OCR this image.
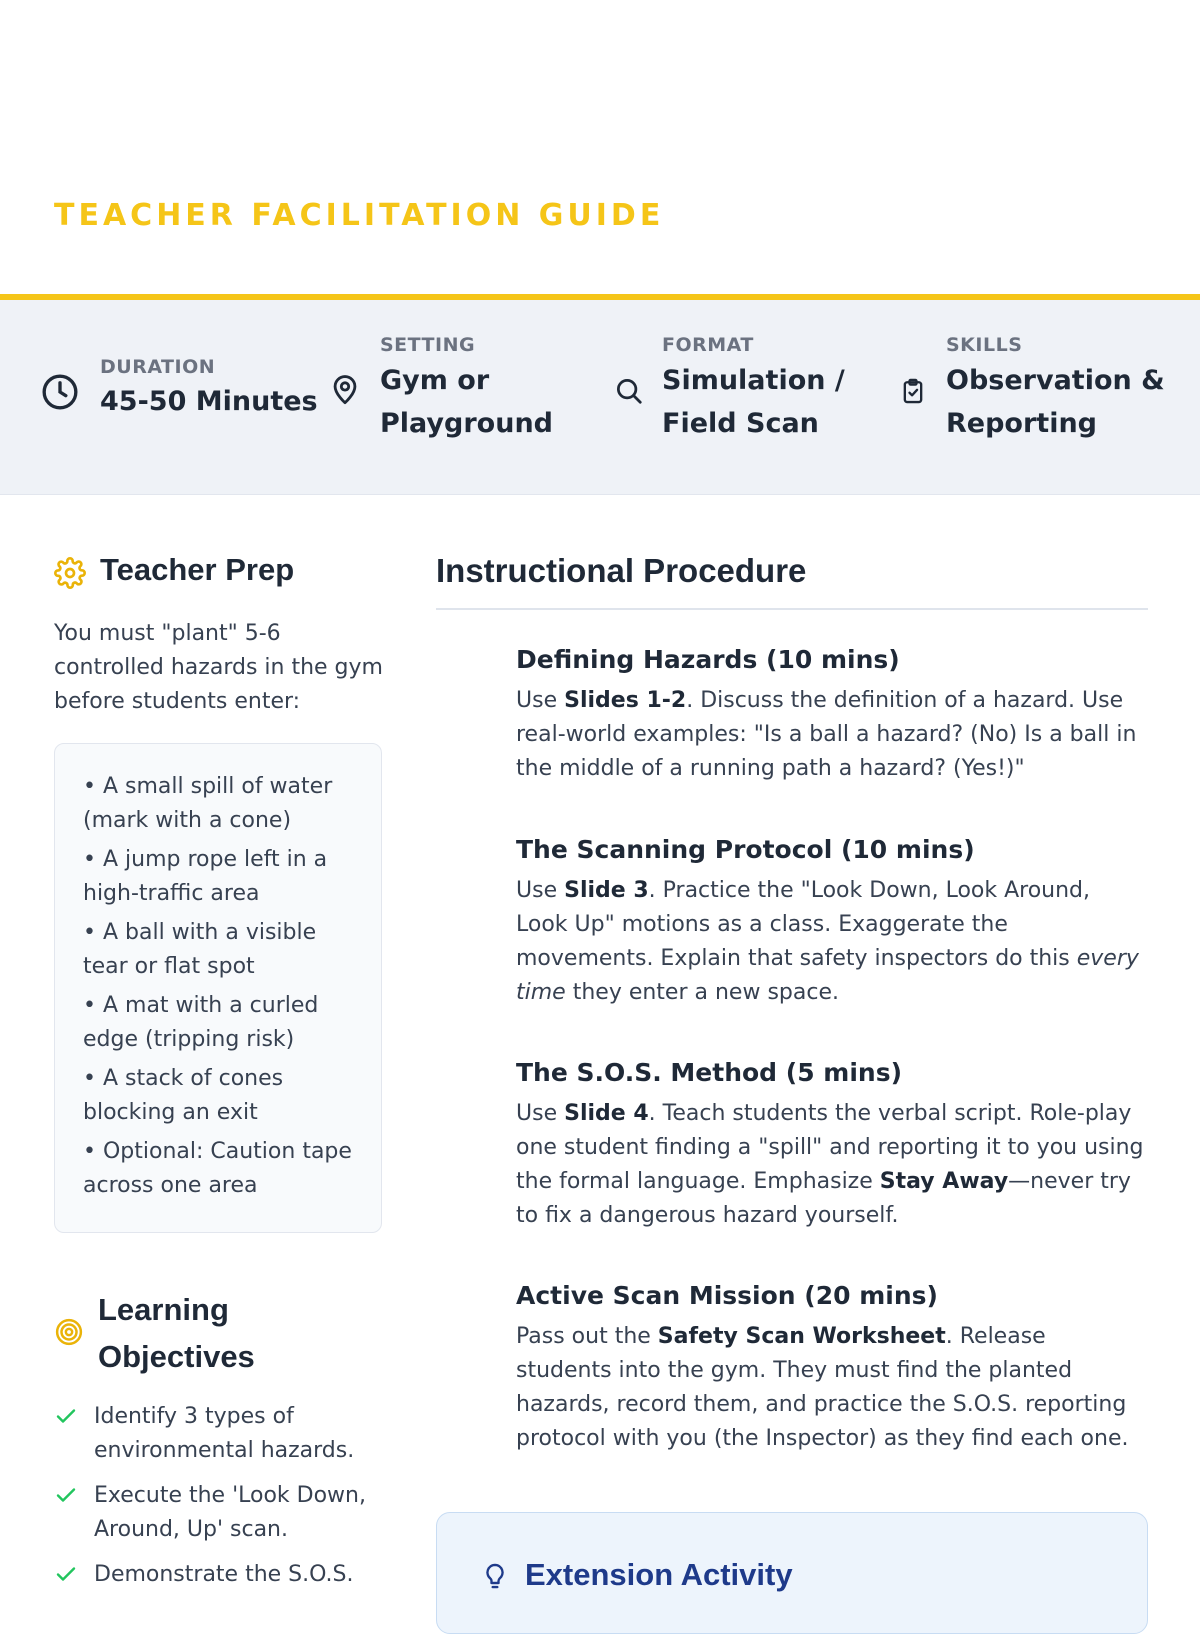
TEACHER FACILITATION GUIDE
DURATION
45-50 Minutes
SETTING
Gym or
Playground
FORMAT
Simulation /
Field Scan
SKILLS
Observation &
Reporting
Teacher Prep
You must "plant" 5-6 controlled hazards in the gym before students enter:
• A small spill of water (mark with a cone)
• A jump rope left in a high-traffic area
• A ball with a visible tear or flat spot
• A mat with a curled edge (tripping risk)
• A stack of cones blocking an exit
• Optional: Caution tape across one area
Learning Objectives
Identify 3 types of environmental hazards.
Execute the 'Look Down, Around, Up' scan.
Demonstrate the S.O.S.
Instructional Procedure
Defining Hazards (10 mins)

Use Slides 1-2. Discuss the definition of a hazard. Use real-world examples: "Is a ball a hazard? (No) Is a ball in the middle of a running path a hazard? (Yes!)"

The Scanning Protocol (10 mins)

Use Slide 3. Practice the "Look Down, Look Around, Look Up" motions as a class. Exaggerate the movements. Explain that safety inspectors do this every time they enter a new space.

The S.O.S. Method (5 mins)

Use Slide 4. Teach students the verbal script. Role-play one student finding a "spill" and reporting it to you using the formal language. Emphasize Stay Away—never try to fix a dangerous hazard yourself.

Active Scan Mission (20 mins)

Pass out the Safety Scan Worksheet. Release students into the gym. They must find the planted hazards, record them, and practice the S.O.S. reporting protocol with you (the Inspector) as they find each one.

Extension Activity
